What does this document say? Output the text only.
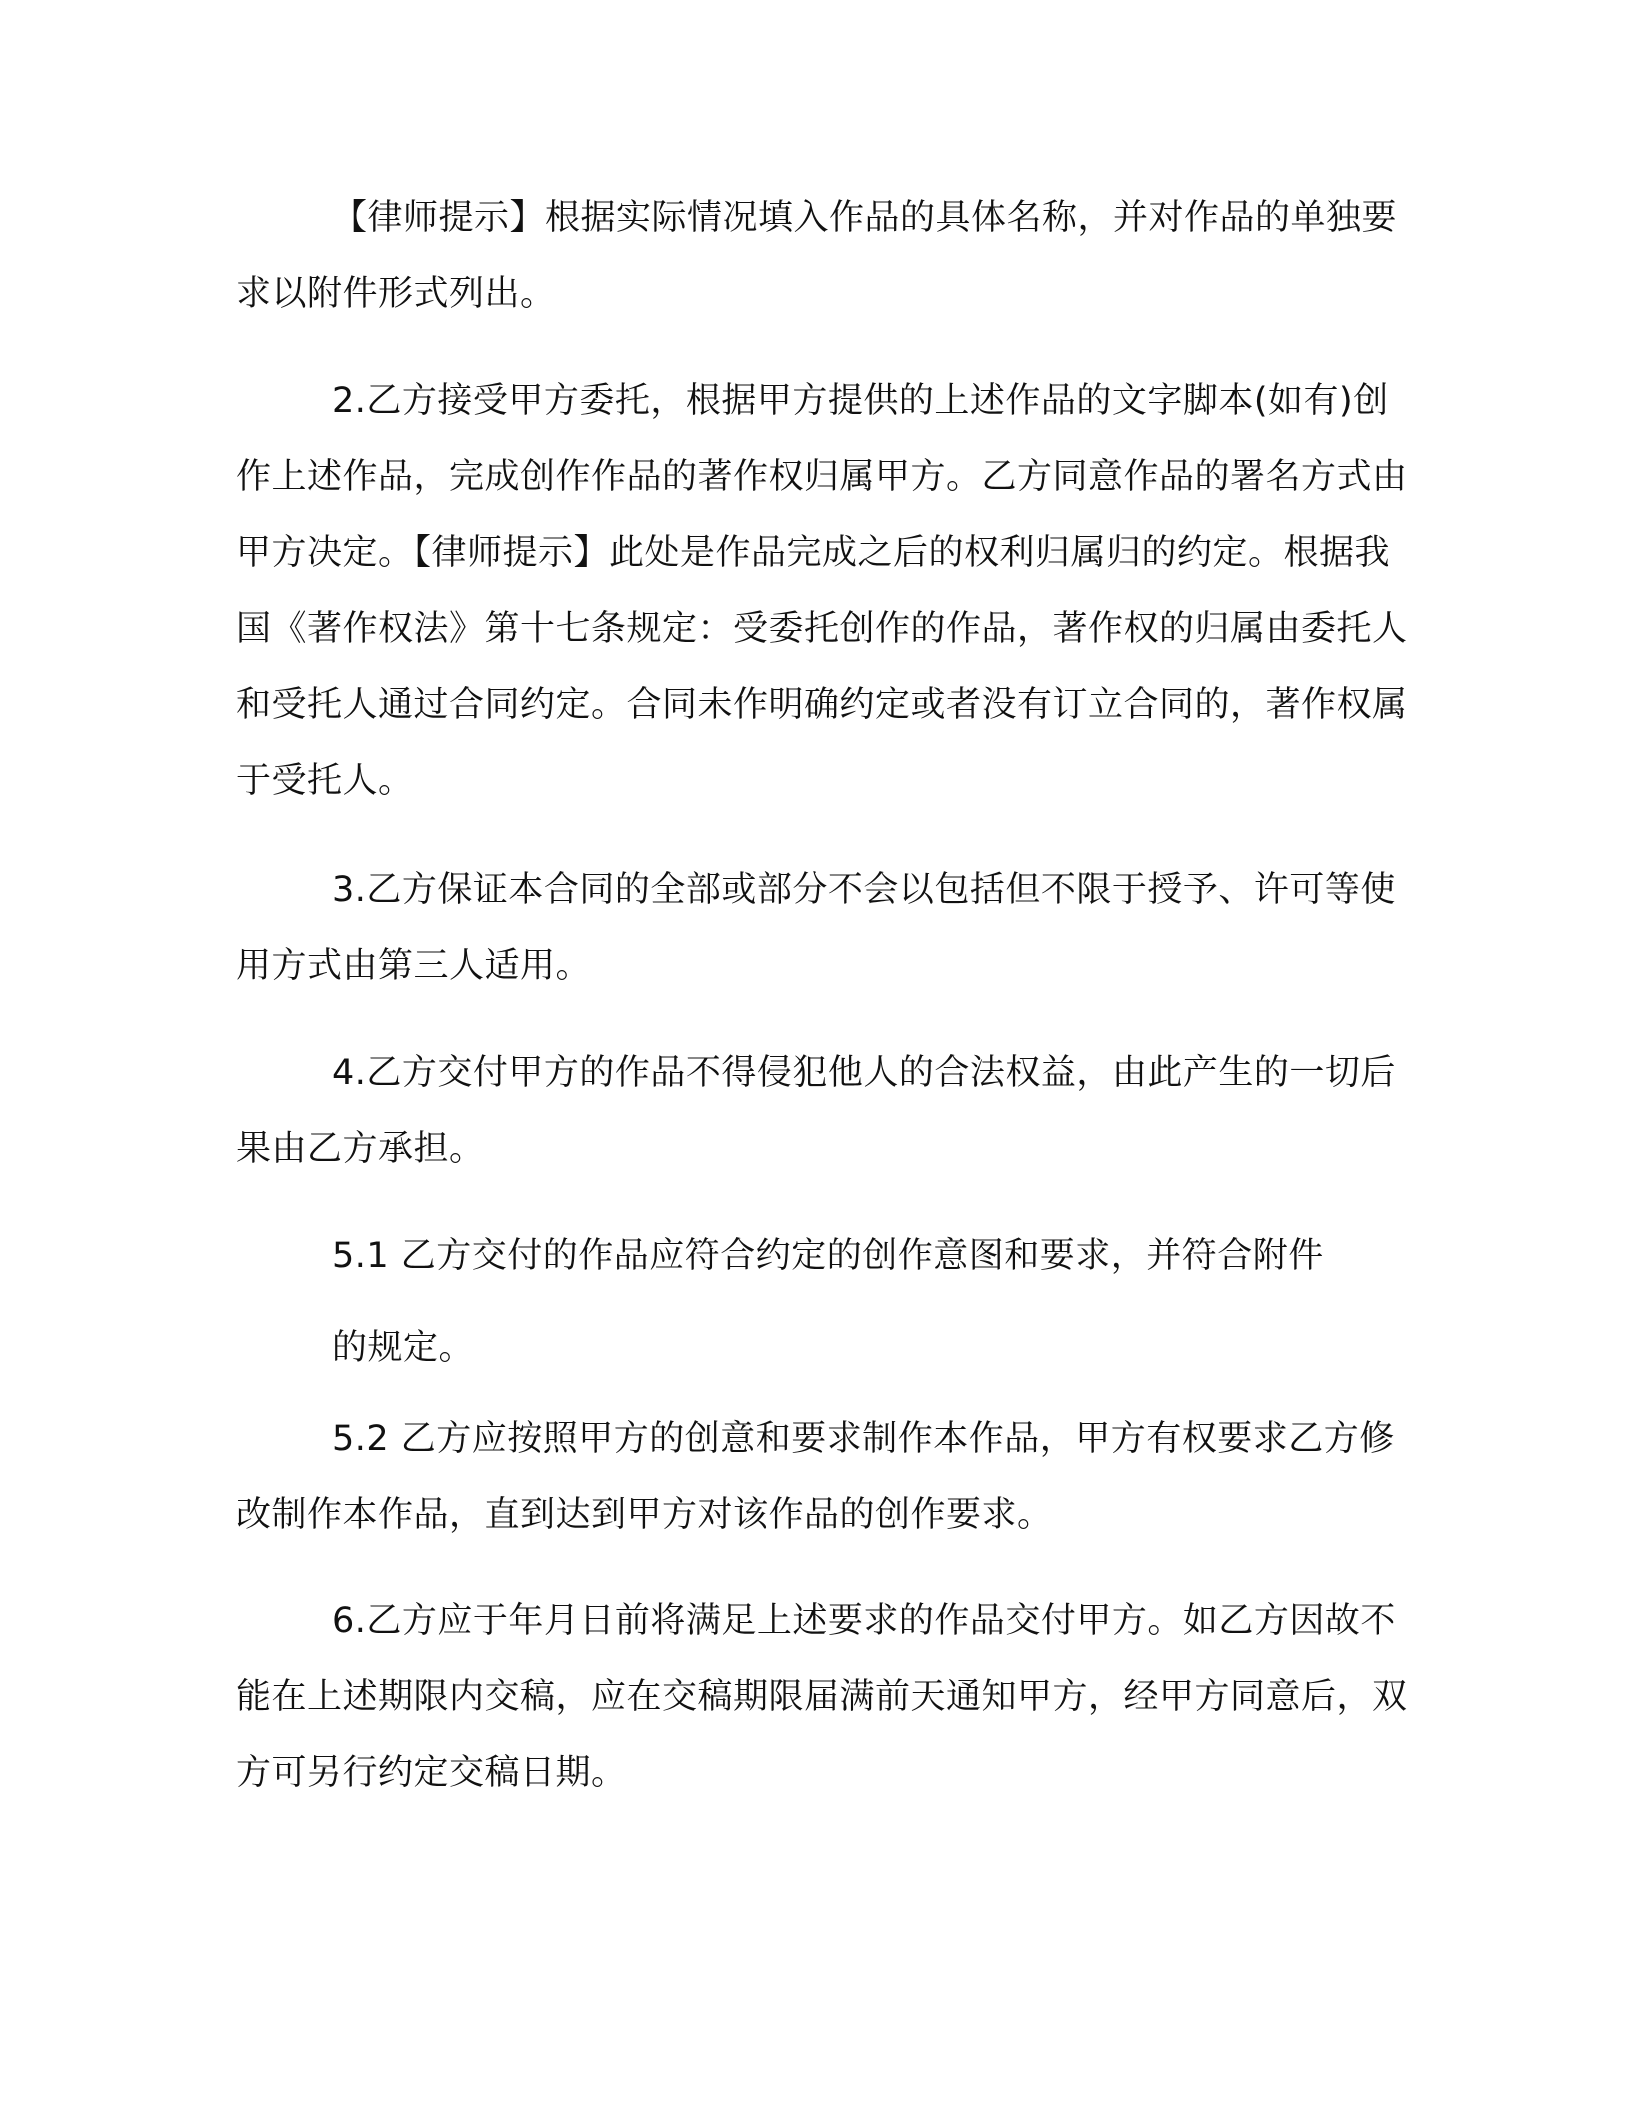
【律师提示】根据实际情况填入作品的具体名称，并对作品的单独要求以附件形式列出。

2.乙方接受甲方委托，根据甲方提供的上述作品的文字脚本(如有)创作上述作品，完成创作作品的著作权归属甲方。乙方同意作品的署名方式由甲方决定。【律师提示】此处是作品完成之后的权利归属归的约定。根据我国《著作权法》第十七条规定：受委托创作的作品，著作权的归属由委托人和受托人通过合同约定。合同未作明确约定或者没有订立合同的，著作权属于受托人。

3.乙方保证本合同的全部或部分不会以包括但不限于授予、许可等使用方式由第三人适用。

4.乙方交付甲方的作品不得侵犯他人的合法权益，由此产生的一切后果由乙方承担。

5.1 乙方交付的作品应符合约定的创作意图和要求，并符合附件

的规定。

5.2 乙方应按照甲方的创意和要求制作本作品，甲方有权要求乙方修改制作本作品，直到达到甲方对该作品的创作要求。

6.乙方应于年月日前将满足上述要求的作品交付甲方。如乙方因故不能在上述期限内交稿，应在交稿期限届满前天通知甲方，经甲方同意后，双方可另行约定交稿日期。
